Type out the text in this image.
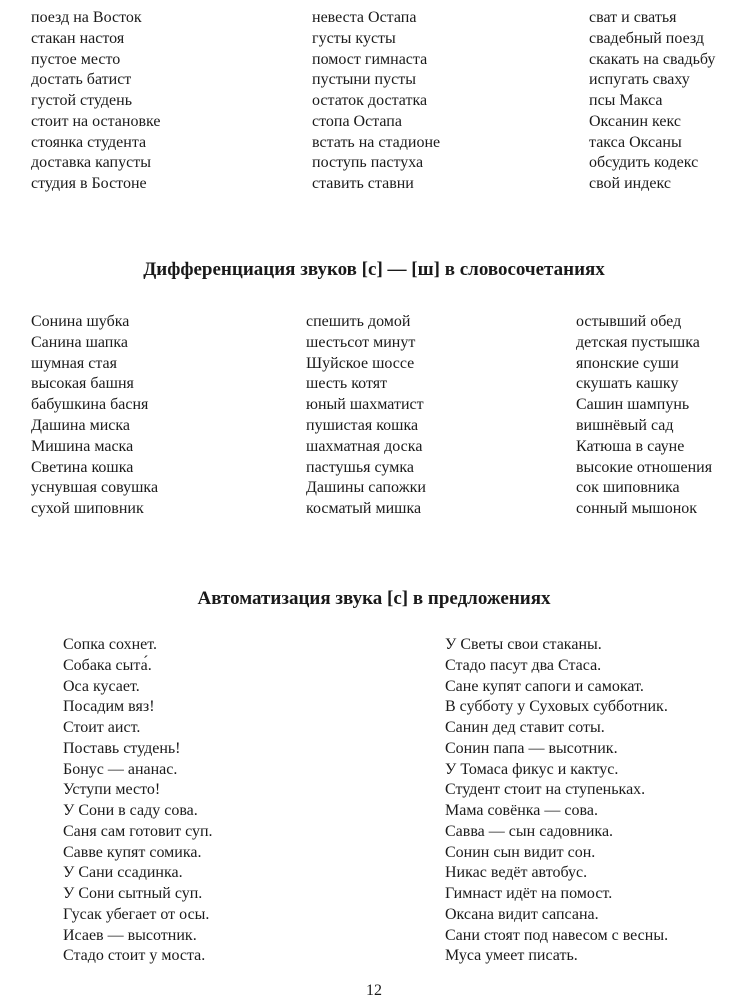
поезд на Восток
стакан настоя
пустое место
достать батист
густой студень
стоит на остановке
стоянка студента
доставка капусты
студия в Бостоне
невеста Остапа
густы кусты
помост гимнаста
пустыни пусты
остаток достатка
стопа Остапа
встать на стадионе
поступь пастуха
ставить ставни
сват и сватья
свадебный поезд
скакать на свадьбу
испугать сваху
псы Макса
Оксанин кекс
такса Оксаны
обсудить кодекс
свой индекс
Дифференциация звуков [с] — [ш] в словосочетаниях
Сонина шубка
Санина шапка
шумная стая
высокая башня
бабушкина басня
Дашина миска
Мишина маска
Светина кошка
уснувшая совушка
сухой шиповник
спешить домой
шестьсот минут
Шуйское шоссе
шесть котят
юный шахматист
пушистая кошка
шахматная доска
пастушья сумка
Дашины сапожки
косматый мишка
остывший обед
детская пустышка
японские суши
скушать кашку
Сашин шампунь
вишнёвый сад
Катюша в сауне
высокие отношения
сок шиповника
сонный мышонок
Автоматизация звука [с] в предложениях
Сопка сохнет.
Собака сыта́.
Оса кусает.
Посадим вяз!
Стоит аист.
Поставь студень!
Бонус — ананас.
Уступи место!
У Сони в саду сова.
Саня сам готовит суп.
Савве купят сомика.
У Сани ссадинка.
У Сони сытный суп.
Гусак убегает от осы.
Исаев — высотник.
Стадо стоит у моста.
У Светы свои стаканы.
Стадо пасут два Стаса.
Сане купят сапоги и самокат.
В субботу у Суховых субботник.
Санин дед ставит соты.
Сонин папа — высотник.
У Томаса фикус и кактус.
Студент стоит на ступеньках.
Мама совёнка — сова.
Савва — сын садовника.
Сонин сын видит сон.
Никас ведёт автобус.
Гимнаст идёт на помост.
Оксана видит сапсана.
Сани стоят под навесом с весны.
Муса умеет писать.
12
